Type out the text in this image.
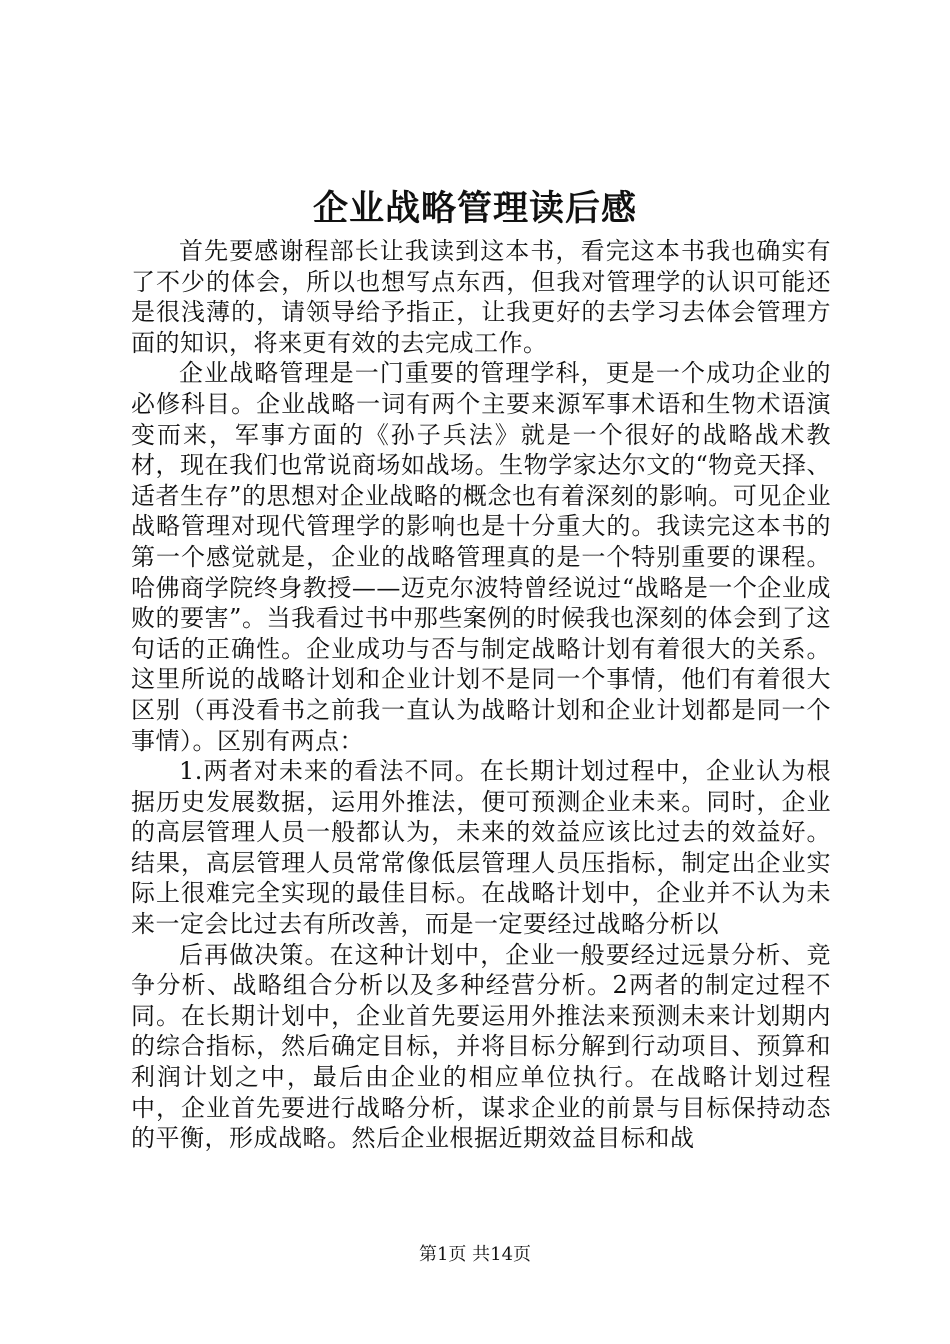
企业战略管理读后感

首先要感谢程部长让我读到这本书，看完这本书我也确实有了不少的体会，所以也想写点东西，但我对管理学的认识可能还是很浅薄的，请领导给予指正，让我更好的去学习去体会管理方面的知识，将来更有效的去完成工作。

企业战略管理是一门重要的管理学科，更是一个成功企业的必修科目。企业战略一词有两个主要来源军事术语和生物术语演变而来，军事方面的《孙子兵法》就是一个很好的战略战术教材，现在我们也常说商场如战场。生物学家达尔文的“物竞天择、适者生存”的思想对企业战略的概念也有着深刻的影响。可见企业战略管理对现代管理学的影响也是十分重大的。我读完这本书的第一个感觉就是，企业的战略管理真的是一个特别重要的课程。哈佛商学院终身教授——迈克尔波特曾经说过“战略是一个企业成败的要害”。当我看过书中那些案例的时候我也深刻的体会到了这句话的正确性。企业成功与否与制定战略计划有着很大的关系。这里所说的战略计划和企业计划不是同一个事情，他们有着很大区别（再没看书之前我一直认为战略计划和企业计划都是同一个事情）。区别有两点：

1.两者对未来的看法不同。在长期计划过程中，企业认为根据历史发展数据，运用外推法，便可预测企业未来。同时，企业的高层管理人员一般都认为，未来的效益应该比过去的效益好。结果，高层管理人员常常像低层管理人员压指标，制定出企业实际上很难完全实现的最佳目标。在战略计划中，企业并不认为未来一定会比过去有所改善，而是一定要经过战略分析以

后再做决策。在这种计划中，企业一般要经过远景分析、竞争分析、战略组合分析以及多种经营分析。2两者的制定过程不同。在长期计划中，企业首先要运用外推法来预测未来计划期内的综合指标，然后确定目标，并将目标分解到行动项目、预算和利润计划之中，最后由企业的相应单位执行。在战略计划过程中，企业首先要进行战略分析，谋求企业的前景与目标保持动态的平衡，形成战略。然后企业根据近期效益目标和战

第1页 共14页
